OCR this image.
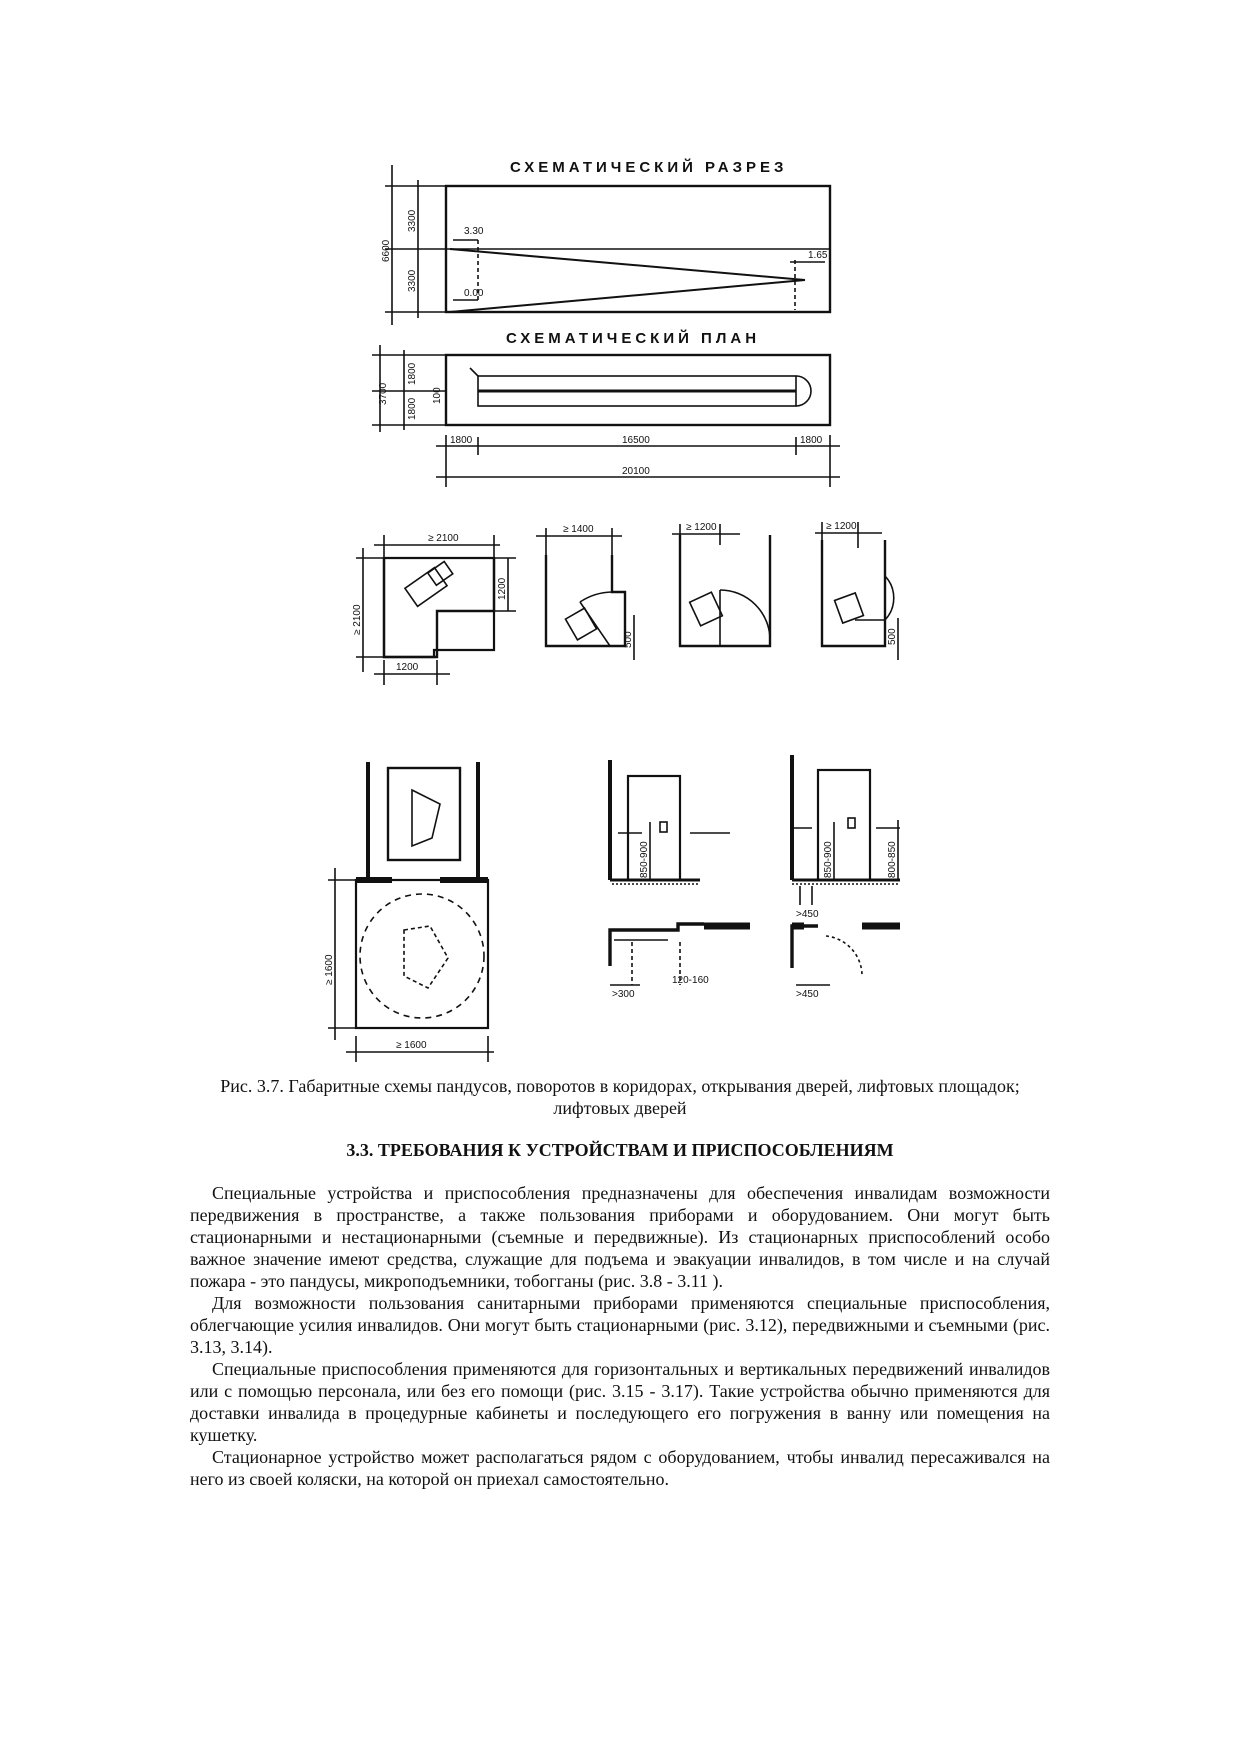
СХЕМАТИЧЕСКИЙ РАЗРЕЗ
СХЕМАТИЧЕСКИЙ ПЛАН
6600
3300
3300
3.30
0.00
1.65
3700
1800
1800
100
1800	16500	1800
20100
≥ 2100
≥ 2100
1200
1200
≥ 1400
500
≥ 1200	≥ 1200
500
≥ 1600
≥ 1600
850-900	850-900	800-850
>450
>300
120-160
>450
Рис. 3.7. Габаритные схемы пандусов, поворотов в коридорах, открывания дверей, лифтовых площадок; лифтовых дверей
3.3. ТРЕБОВАНИЯ К УСТРОЙСТВАМ И ПРИСПОСОБЛЕНИЯМ

Специальные устройства и приспособления предназначены для обеспечения инвалидам возможности передвижения в пространстве, а также пользования приборами и оборудованием. Они могут быть стационарными и нестационарными (съемные и передвижные). Из стационарных приспособлений особо важное значение имеют средства, служащие для подъема и эвакуации инвалидов, в том числе и на случай пожара - это пандусы, микроподъемники, тобогганы (рис. 3.8 - 3.11 ).

Для возможности пользования санитарными приборами применяются специальные приспособления, облегчающие усилия инвалидов. Они могут быть стационарными (рис. 3.12), передвижными и съемными (рис. 3.13, 3.14).

Специальные приспособления применяются для горизонтальных и вертикальных передвижений инвалидов или с помощью персонала, или без его помощи (рис. 3.15 - 3.17). Такие устройства обычно применяются для доставки инвалида в процедурные кабинеты и последующего его погружения в ванну или помещения на кушетку.

Стационарное устройство может располагаться рядом с оборудованием, чтобы инвалид пересаживался на него из своей коляски, на которой он приехал самостоятельно.
